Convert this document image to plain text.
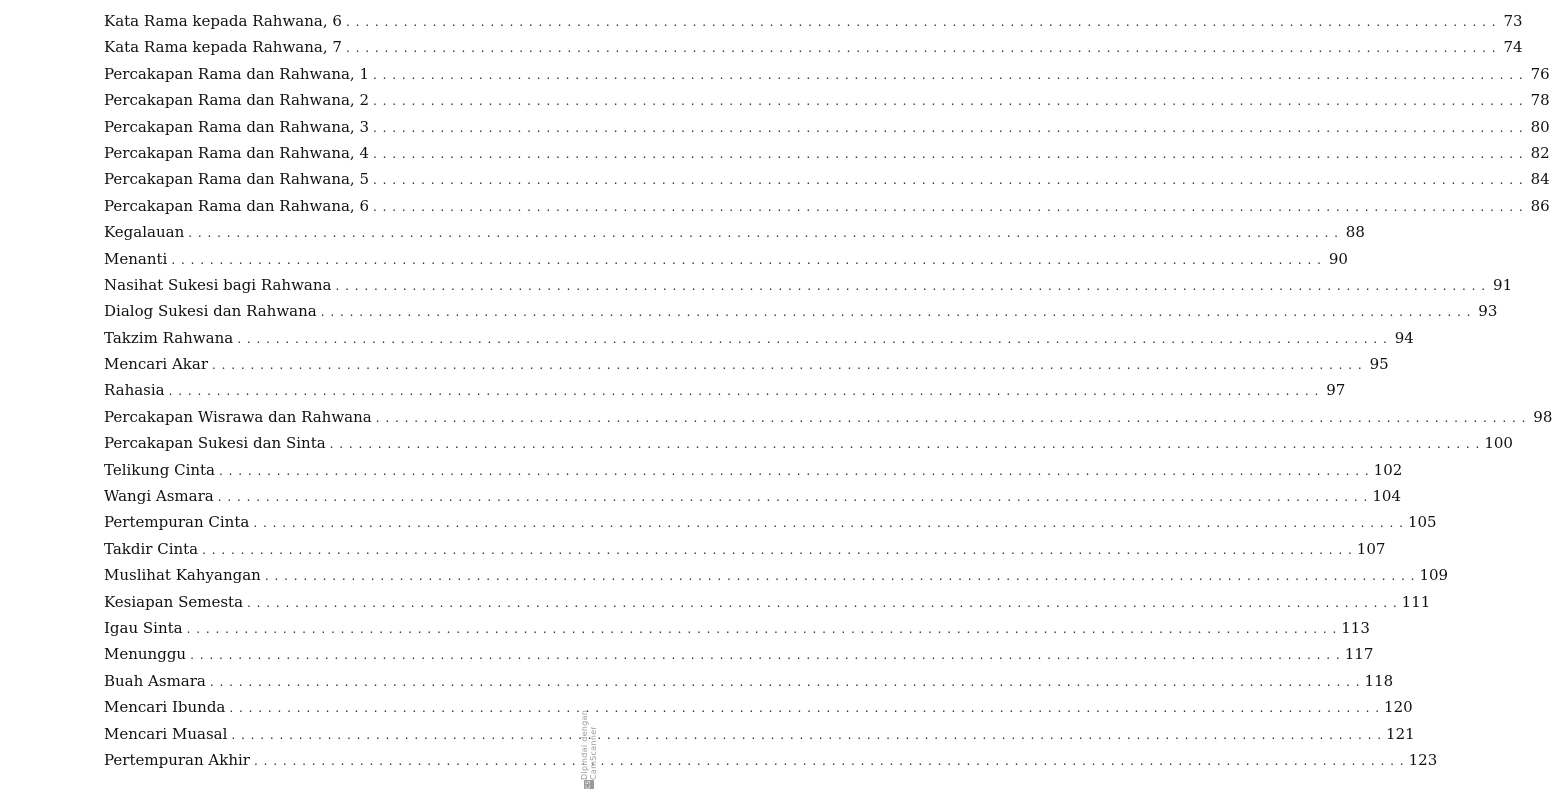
Kata Rama kepada Rahwana, 6 . . . . . . . . . . . . . . . . . . . . . . . . . . . . . . . . . . . . . . . . . . . . . . . . . . . . . . . . . . . . . . . . . . . . . . . . . . . . . . . . . . . . . . . . . . . . . . . . . . . . . . . . . . . . . . . . . . . . . . . . 73
Kata Rama kepada Rahwana, 7 . . . . . . . . . . . . . . . . . . . . . . . . . . . . . . . . . . . . . . . . . . . . . . . . . . . . . . . . . . . . . . . . . . . . . . . . . . . . . . . . . . . . . . . . . . . . . . . . . . . . . . . . . . . . . . . . . . . . . . . . 74
Percakapan Rama dan Rahwana, 1 . . . . . . . . . . . . . . . . . . . . . . . . . . . . . . . . . . . . . . . . . . . . . . . . . . . . . . . . . . . . . . . . . . . . . . . . . . . . . . . . . . . . . . . . . . . . . . . . . . . . . . . . . . . . . . . . . . . . . . . . 76
Percakapan Rama dan Rahwana, 2 . . . . . . . . . . . . . . . . . . . . . . . . . . . . . . . . . . . . . . . . . . . . . . . . . . . . . . . . . . . . . . . . . . . . . . . . . . . . . . . . . . . . . . . . . . . . . . . . . . . . . . . . . . . . . . . . . . . . . . . . 78
Percakapan Rama dan Rahwana, 3 . . . . . . . . . . . . . . . . . . . . . . . . . . . . . . . . . . . . . . . . . . . . . . . . . . . . . . . . . . . . . . . . . . . . . . . . . . . . . . . . . . . . . . . . . . . . . . . . . . . . . . . . . . . . . . . . . . . . . . . . 80
Percakapan Rama dan Rahwana, 4 . . . . . . . . . . . . . . . . . . . . . . . . . . . . . . . . . . . . . . . . . . . . . . . . . . . . . . . . . . . . . . . . . . . . . . . . . . . . . . . . . . . . . . . . . . . . . . . . . . . . . . . . . . . . . . . . . . . . . . . . 82
Percakapan Rama dan Rahwana, 5 . . . . . . . . . . . . . . . . . . . . . . . . . . . . . . . . . . . . . . . . . . . . . . . . . . . . . . . . . . . . . . . . . . . . . . . . . . . . . . . . . . . . . . . . . . . . . . . . . . . . . . . . . . . . . . . . . . . . . . . . 84
Percakapan Rama dan Rahwana, 6 . . . . . . . . . . . . . . . . . . . . . . . . . . . . . . . . . . . . . . . . . . . . . . . . . . . . . . . . . . . . . . . . . . . . . . . . . . . . . . . . . . . . . . . . . . . . . . . . . . . . . . . . . . . . . . . . . . . . . . . . 86
Kegalauan . . . . . . . . . . . . . . . . . . . . . . . . . . . . . . . . . . . . . . . . . . . . . . . . . . . . . . . . . . . . . . . . . . . . . . . . . . . . . . . . . . . . . . . . . . . . . . . . . . . . . . . . . . . . . . . . . . . . . . . . 88
Menanti . . . . . . . . . . . . . . . . . . . . . . . . . . . . . . . . . . . . . . . . . . . . . . . . . . . . . . . . . . . . . . . . . . . . . . . . . . . . . . . . . . . . . . . . . . . . . . . . . . . . . . . . . . . . . . . . . . . . . . . . 90
Nasihat Sukesi bagi Rahwana . . . . . . . . . . . . . . . . . . . . . . . . . . . . . . . . . . . . . . . . . . . . . . . . . . . . . . . . . . . . . . . . . . . . . . . . . . . . . . . . . . . . . . . . . . . . . . . . . . . . . . . . . . . . . . . . . . . . . . . . 91
Dialog Sukesi dan Rahwana . . . . . . . . . . . . . . . . . . . . . . . . . . . . . . . . . . . . . . . . . . . . . . . . . . . . . . . . . . . . . . . . . . . . . . . . . . . . . . . . . . . . . . . . . . . . . . . . . . . . . . . . . . . . . . . . . . . . . . . . 93
Takzim Rahwana . . . . . . . . . . . . . . . . . . . . . . . . . . . . . . . . . . . . . . . . . . . . . . . . . . . . . . . . . . . . . . . . . . . . . . . . . . . . . . . . . . . . . . . . . . . . . . . . . . . . . . . . . . . . . . . . . . . . . . . . 94
Mencari Akar . . . . . . . . . . . . . . . . . . . . . . . . . . . . . . . . . . . . . . . . . . . . . . . . . . . . . . . . . . . . . . . . . . . . . . . . . . . . . . . . . . . . . . . . . . . . . . . . . . . . . . . . . . . . . . . . . . . . . . . . 95
Rahasia . . . . . . . . . . . . . . . . . . . . . . . . . . . . . . . . . . . . . . . . . . . . . . . . . . . . . . . . . . . . . . . . . . . . . . . . . . . . . . . . . . . . . . . . . . . . . . . . . . . . . . . . . . . . . . . . . . . . . . . . 97
Percakapan Wisrawa dan Rahwana . . . . . . . . . . . . . . . . . . . . . . . . . . . . . . . . . . . . . . . . . . . . . . . . . . . . . . . . . . . . . . . . . . . . . . . . . . . . . . . . . . . . . . . . . . . . . . . . . . . . . . . . . . . . . . . . . . . . . . . . 98
Percakapan Sukesi dan Sinta . . . . . . . . . . . . . . . . . . . . . . . . . . . . . . . . . . . . . . . . . . . . . . . . . . . . . . . . . . . . . . . . . . . . . . . . . . . . . . . . . . . . . . . . . . . . . . . . . . . . . . . . . . . . . . . . . . . . . . . . 100
Telikung Cinta . . . . . . . . . . . . . . . . . . . . . . . . . . . . . . . . . . . . . . . . . . . . . . . . . . . . . . . . . . . . . . . . . . . . . . . . . . . . . . . . . . . . . . . . . . . . . . . . . . . . . . . . . . . . . . . . . . . . . . . . 102
Wangi Asmara . . . . . . . . . . . . . . . . . . . . . . . . . . . . . . . . . . . . . . . . . . . . . . . . . . . . . . . . . . . . . . . . . . . . . . . . . . . . . . . . . . . . . . . . . . . . . . . . . . . . . . . . . . . . . . . . . . . . . . . . 104
Pertempuran Cinta . . . . . . . . . . . . . . . . . . . . . . . . . . . . . . . . . . . . . . . . . . . . . . . . . . . . . . . . . . . . . . . . . . . . . . . . . . . . . . . . . . . . . . . . . . . . . . . . . . . . . . . . . . . . . . . . . . . . . . . . 105
Takdir Cinta . . . . . . . . . . . . . . . . . . . . . . . . . . . . . . . . . . . . . . . . . . . . . . . . . . . . . . . . . . . . . . . . . . . . . . . . . . . . . . . . . . . . . . . . . . . . . . . . . . . . . . . . . . . . . . . . . . . . . . . . 107
Muslihat Kahyangan . . . . . . . . . . . . . . . . . . . . . . . . . . . . . . . . . . . . . . . . . . . . . . . . . . . . . . . . . . . . . . . . . . . . . . . . . . . . . . . . . . . . . . . . . . . . . . . . . . . . . . . . . . . . . . . . . . . . . . . . 109
Kesiapan Semesta . . . . . . . . . . . . . . . . . . . . . . . . . . . . . . . . . . . . . . . . . . . . . . . . . . . . . . . . . . . . . . . . . . . . . . . . . . . . . . . . . . . . . . . . . . . . . . . . . . . . . . . . . . . . . . . . . . . . . . . . 111
Igau Sinta . . . . . . . . . . . . . . . . . . . . . . . . . . . . . . . . . . . . . . . . . . . . . . . . . . . . . . . . . . . . . . . . . . . . . . . . . . . . . . . . . . . . . . . . . . . . . . . . . . . . . . . . . . . . . . . . . . . . . . . . 113
Menunggu . . . . . . . . . . . . . . . . . . . . . . . . . . . . . . . . . . . . . . . . . . . . . . . . . . . . . . . . . . . . . . . . . . . . . . . . . . . . . . . . . . . . . . . . . . . . . . . . . . . . . . . . . . . . . . . . . . . . . . . . 117
Buah Asmara . . . . . . . . . . . . . . . . . . . . . . . . . . . . . . . . . . . . . . . . . . . . . . . . . . . . . . . . . . . . . . . . . . . . . . . . . . . . . . . . . . . . . . . . . . . . . . . . . . . . . . . . . . . . . . . . . . . . . . . . 118
Mencari Ibunda . . . . . . . . . . . . . . . . . . . . . . . . . . . . . . . . . . . . . . . . . . . . . . . . . . . . . . . . . . . . . . . . . . . . . . . . . . . . . . . . . . . . . . . . . . . . . . . . . . . . . . . . . . . . . . . . . . . . . . . . 120
Mencari Muasal . . . . . . . . . . . . . . . . . . . . . . . . . . . . . . . . . . . . . . . . . . . . . . . . . . . . . . . . . . . . . . . . . . . . . . . . . . . . . . . . . . . . . . . . . . . . . . . . . . . . . . . . . . . . . . . . . . . . . . . . 121
Pertempuran Akhir . . . . . . . . . . . . . . . . . . . . . . . . . . . . . . . . . . . . . . . . . . . . . . . . . . . . . . . . . . . . . . . . . . . . . . . . . . . . . . . . . . . . . . . . . . . . . . . . . . . . . . . . . . . . . . . . . . . . . . . . 123
CS
Dipindai dengan CamScanner
